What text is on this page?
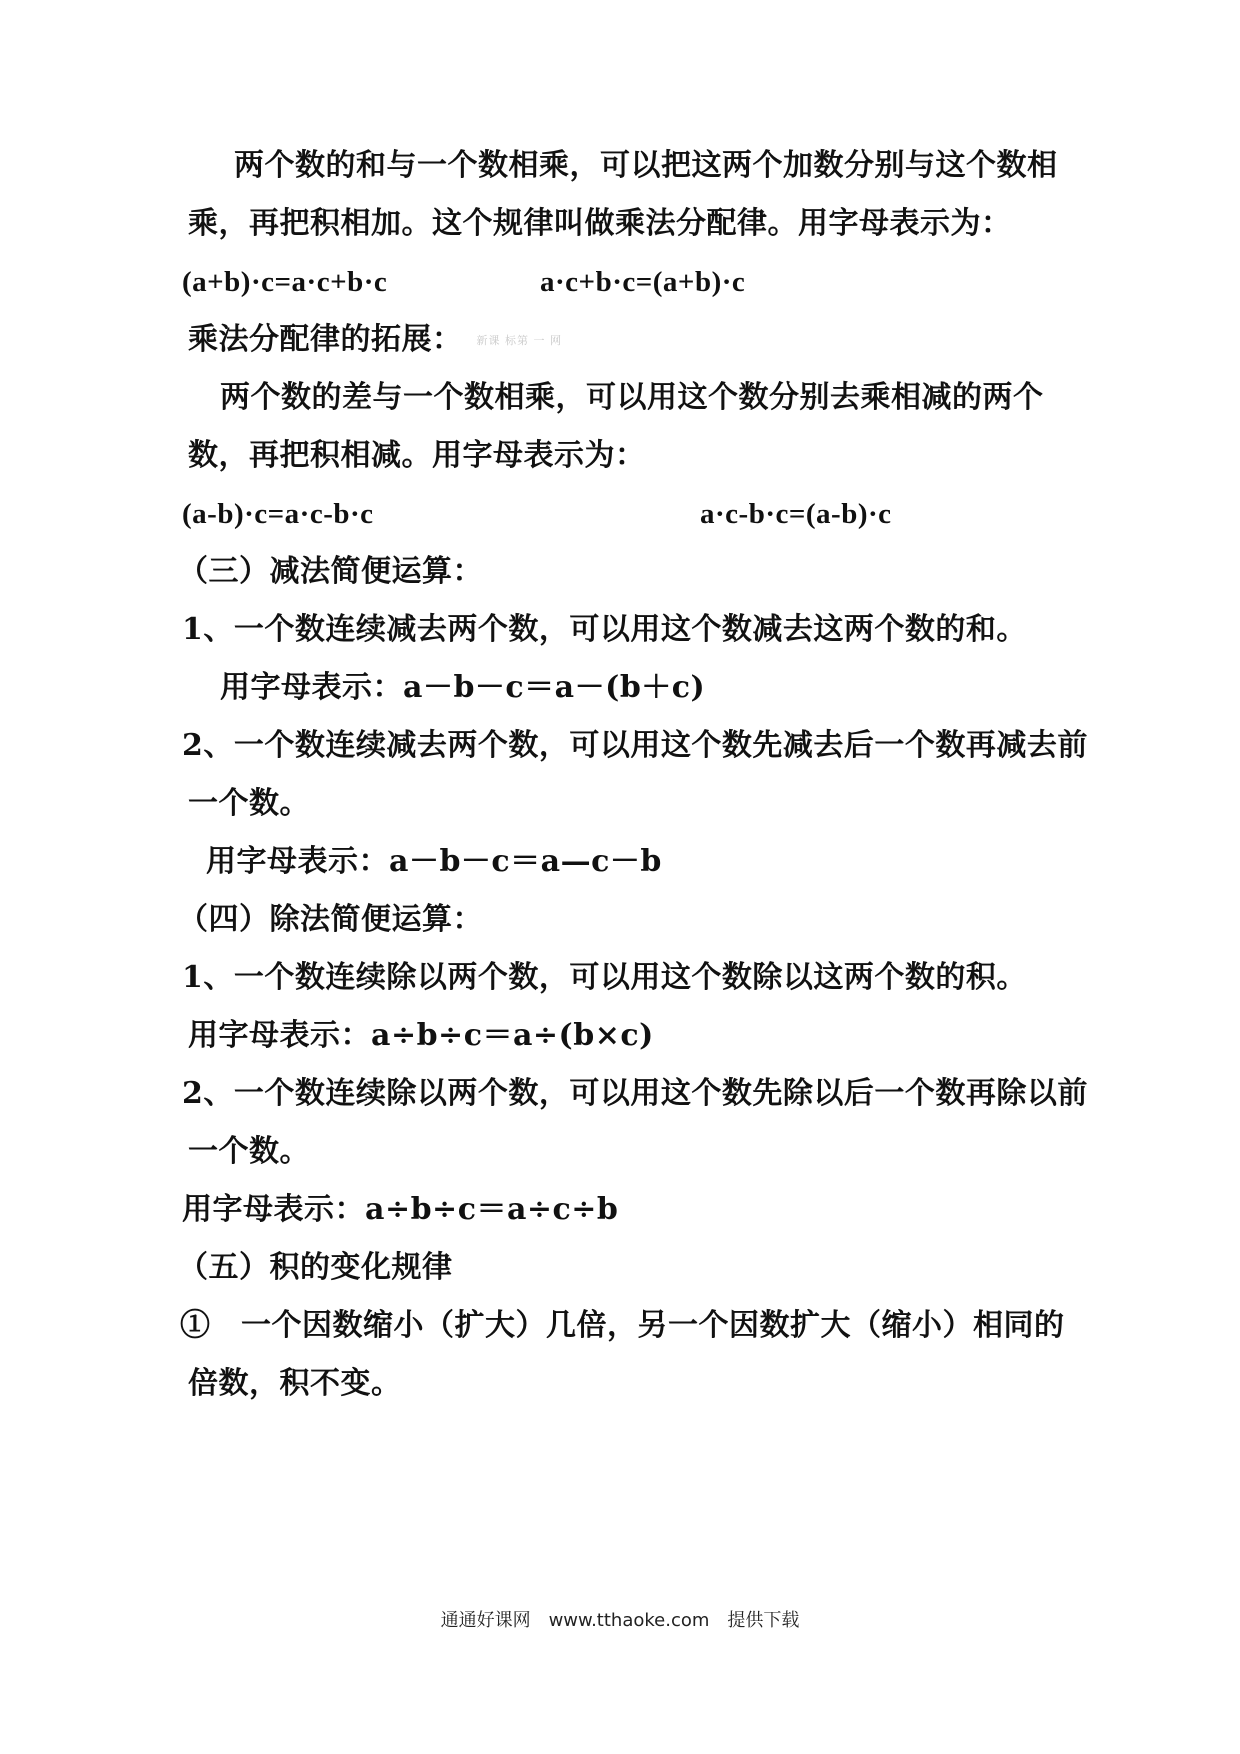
两个数的和与一个数相乘，可以把这两个加数分别与这个数相
乘，再把积相加。这个规律叫做乘法分配律。用字母表示为：
(a+b)·c=a·c+b·c	a·c+b·c=(a+b)·c
乘法分配律的拓展： 新课 标第 一 网
两个数的差与一个数相乘，可以用这个数分别去乘相减的两个
数，再把积相减。用字母表示为：
(a-b)·c=a·c-b·c	a·c-b·c=(a-b)·c
（三）减法简便运算：
1、一个数连续减去两个数，可以用这个数减去这两个数的和。
用字母表示：a－b－c＝a－(b＋c)
2、一个数连续减去两个数，可以用这个数先减去后一个数再减去前
一个数。
用字母表示：a－b－c＝a—c－b
（四）除法简便运算：
1、一个数连续除以两个数，可以用这个数除以这两个数的积。
用字母表示：a÷b÷c＝a÷(b×c)
2、一个数连续除以两个数，可以用这个数先除以后一个数再除以前
一个数。
用字母表示：a÷b÷c＝a÷c÷b
（五）积的变化规律
①　一个因数缩小（扩大）几倍，另一个因数扩大（缩小）相同的
倍数，积不变。
通通好课网　www.tthaoke.com　提供下载
